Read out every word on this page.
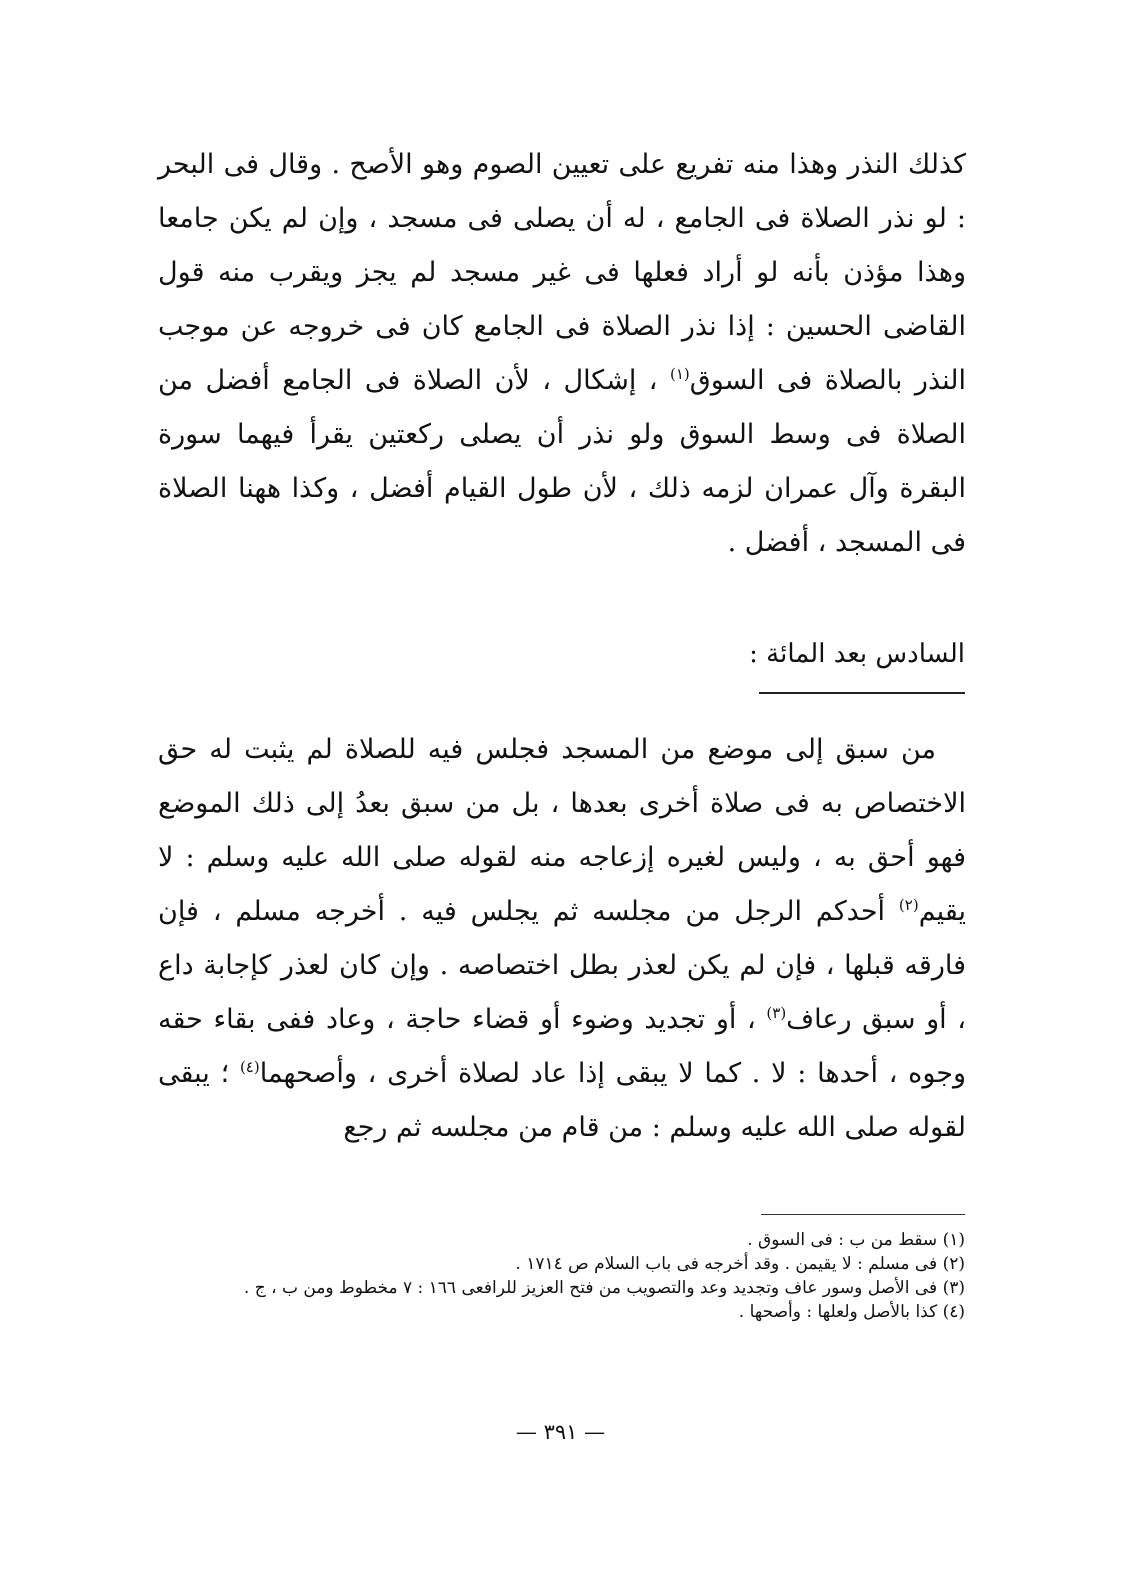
كذلك النذر وهذا منه تفريع على تعيين الصوم وهو الأصح . وقال فى البحر : لو نذر الصلاة فى الجامع ، له أن يصلى فى مسجد ، وإن لم يكن جامعا وهذا مؤذن بأنه لو أراد فعلها فى غير مسجد لم يجز ويقرب منه قول القاضى الحسين : إذا نذر الصلاة فى الجامع كان فى خروجه عن موجب النذر بالصلاة فى السوق$^{(١)}$ ، إشكال ، لأن الصلاة فى الجامع أفضل من الصلاة فى وسط السوق ولو نذر أن يصلى ركعتين يقرأ فيهما سورة البقرة وآل عمران لزمه ذلك ، لأن طول القيام أفضل ، وكذا ههنا الصلاة فى المسجد ، أفضل .

السادس بعد المائة :

من سبق إلى موضع من المسجد فجلس فيه للصلاة لم يثبت له حق الاختصاص به فى صلاة أخرى بعدها ، بل من سبق بعدُ إلى ذلك الموضع فهو أحق به ، وليس لغيره إزعاجه منه لقوله صلى الله عليه وسلم : لا يقيم$^{(٢)}$ أحدكم الرجل من مجلسه ثم يجلس فيه . أخرجه مسلم ، فإن فارقه قبلها ، فإن لم يكن لعذر بطل اختصاصه . وإن كان لعذر كإجابة داع ، أو سبق رعاف$^{(٣)}$ ، أو تجديد وضوء أو قضاء حاجة ، وعاد ففى بقاء حقه وجوه ، أحدها : لا . كما لا يبقى إذا عاد لصلاة أخرى ، وأصحهما$^{(٤)}$ ؛ يبقى لقوله صلى الله عليه وسلم : من قام من مجلسه ثم رجع

(١) سقط من ب : فى السوق .

(٢) فى مسلم : لا يقيمن . وقد أخرجه فى باب السلام ص ١٧١٤ .

(٣) فى الأصل وسور عاف وتجديد وعد والتصويب من فتح العزيز للرافعى ١٦٦ : ٧ مخطوط ومن ب ، ج .

(٤) كذا بالأصل ولعلها : وأصحها .

— ٣٩١ —
